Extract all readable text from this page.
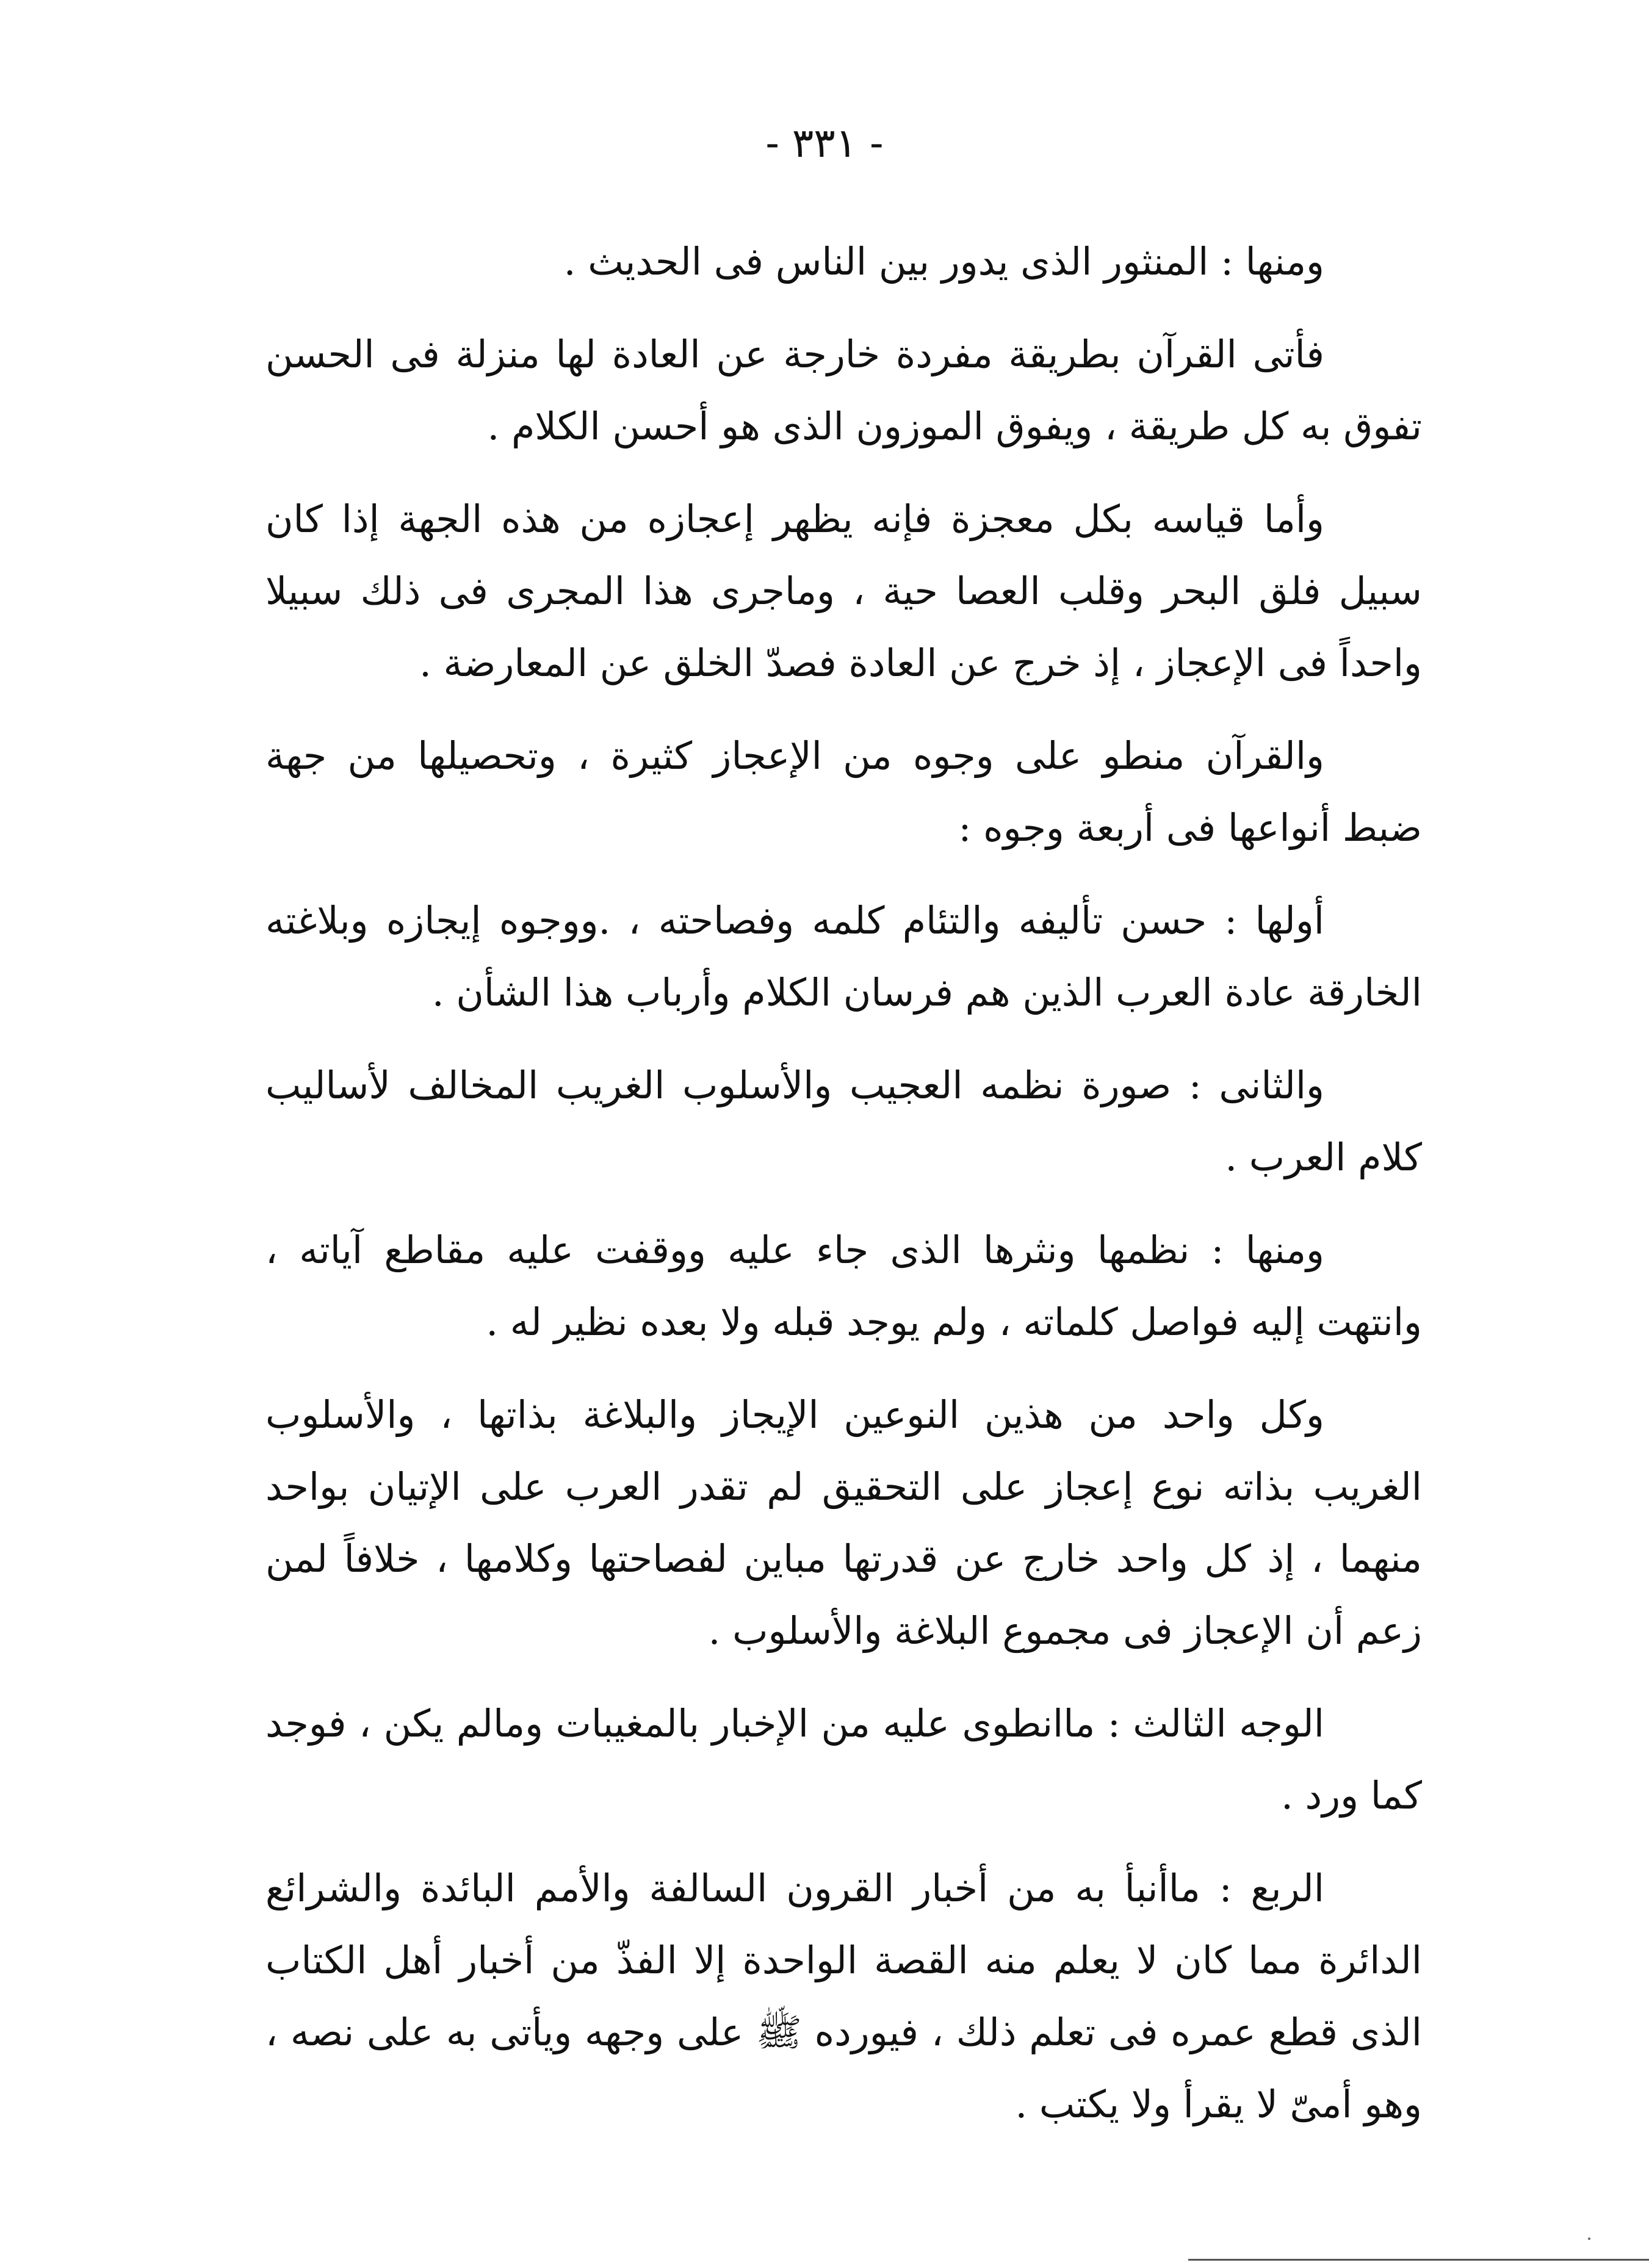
- ٣٣١ -

ومنها : المنثور الذى يدور بين الناس فى الحديث .

فأتى القرآن بطريقة مفردة خارجة عن العادة لها منزلة فى الحسن تفوق به كل طريقة ، ويفوق الموزون الذى هو أحسن الكلام .

وأما قياسه بكل معجزة فإنه يظهر إعجازه من هذه الجهة إذا كان سبيل فلق البحر وقلب العصا حية ، وماجرى هذا المجرى فى ذلك سبيلا واحداً فى الإعجاز ، إذ خرج عن العادة فصدّ الخلق عن المعارضة .

والقرآن منطو على وجوه من الإعجاز كثيرة ، وتحصيلها من جهة ضبط أنواعها فى أربعة وجوه :

أولها : حسن تأليفه والتئام كلمه وفصاحته ، .ووجوه إيجازه وبلاغته الخارقة عادة العرب الذين هم فرسان الكلام وأرباب هذا الشأن .

والثانى : صورة نظمه العجيب والأسلوب الغريب المخالف لأساليب كلام العرب .

ومنها : نظمها ونثرها الذى جاء عليه ووقفت عليه مقاطع آياته ، وانتهت إليه فواصل كلماته ، ولم يوجد قبله ولا بعده نظير له .

وكل واحد من هذين النوعين الإيجاز والبلاغة بذاتها ، والأسلوب الغريب بذاته نوع إعجاز على التحقيق لم تقدر العرب على الإتيان بواحد منهما ، إذ كل واحد خارج عن قدرتها مباين لفصاحتها وكلامها ، خلافاً لمن زعم أن الإعجاز فى مجموع البلاغة والأسلوب .

الوجه الثالث : ماانطوى عليه من الإخبار بالمغيبات ومالم يكن ، فوجد كما ورد .

الربع : ماأنبأ به من أخبار القرون السالفة والأمم البائدة والشرائع الدائرة مما كان لا يعلم منه القصة الواحدة إلا الفذّ من أخبار أهل الكتاب الذى قطع عمره فى تعلم ذلك ، فيورده ﷺ على وجهه ويأتى به على نصه ، وهو أمىّ لا يقرأ ولا يكتب .
